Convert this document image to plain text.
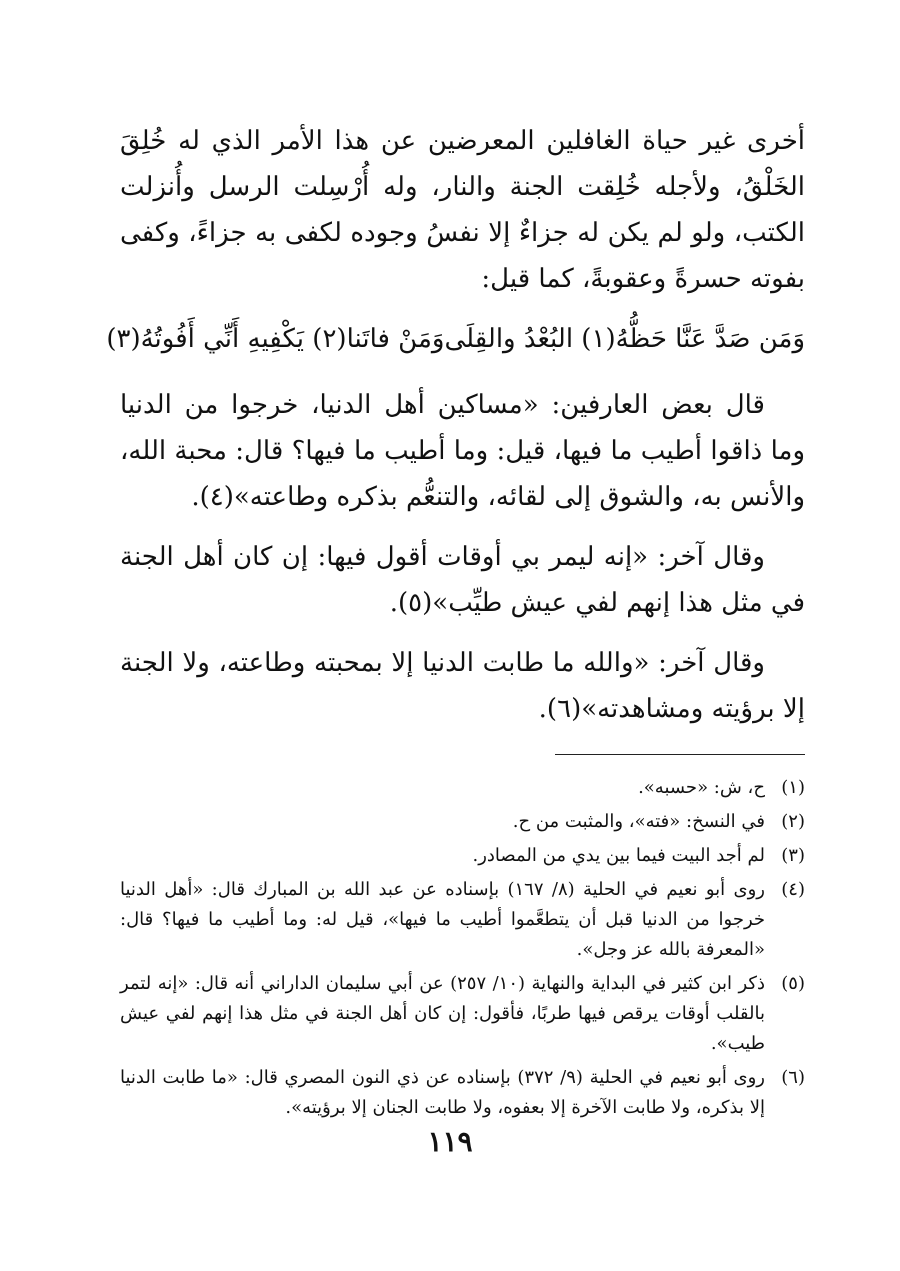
أخرى غير حياة الغافلين المعرضين عن هذا الأمر الذي له خُلِقَ الخَلْقُ، ولأجله خُلِقت الجنة والنار، وله أُرْسِلت الرسل وأُنزلت الكتب، ولو لم يكن له جزاءٌ إلا نفسُ وجوده لكفى به جزاءً، وكفى بفوته حسرةً وعقوبةً، كما قيل:

وَمَن صَدَّ عَنَّا حَظُّهُ(١) البُعْدُ والقِلَى
وَمَنْ فاتَنا(٢) يَكْفِيهِ أَنِّي أَفُوتُهُ(٣)

قال بعض العارفين: «مساكين أهل الدنيا، خرجوا من الدنيا وما ذاقوا أطيب ما فيها، قيل: وما أطيب ما فيها؟ قال: محبة الله، والأنس به، والشوق إلى لقائه، والتنعُّم بذكره وطاعته»(٤).

وقال آخر: «إنه ليمر بي أوقات أقول فيها: إن كان أهل الجنة في مثل هذا إنهم لفي عيش طيِّب»(٥).

وقال آخر: «والله ما طابت الدنيا إلا بمحبته وطاعته، ولا الجنة إلا برؤيته ومشاهدته»(٦).

(١)
ح، ش: «حسبه».
(٢)
في النسخ: «فته»، والمثبت من ح.
(٣)
لم أجد البيت فيما بين يدي من المصادر.
(٤)
روى أبو نعيم في الحلية (٨/ ١٦٧) بإسناده عن عبد الله بن المبارك قال: «أهل الدنيا خرجوا من الدنيا قبل أن يتطعَّموا أطيب ما فيها»، قيل له: وما أطيب ما فيها؟ قال: «المعرفة بالله عز وجل».
(٥)
ذكر ابن كثير في البداية والنهاية (١٠/ ٢٥٧) عن أبي سليمان الداراني أنه قال: «إنه لتمر بالقلب أوقات يرقص فيها طربًا، فأقول: إن كان أهل الجنة في مثل هذا إنهم لفي عيش طيب».
(٦)
روى أبو نعيم في الحلية (٩/ ٣٧٢) بإسناده عن ذي النون المصري قال: «ما طابت الدنيا إلا بذكره، ولا طابت الآخرة إلا بعفوه، ولا طابت الجنان إلا برؤيته».
١١٩
